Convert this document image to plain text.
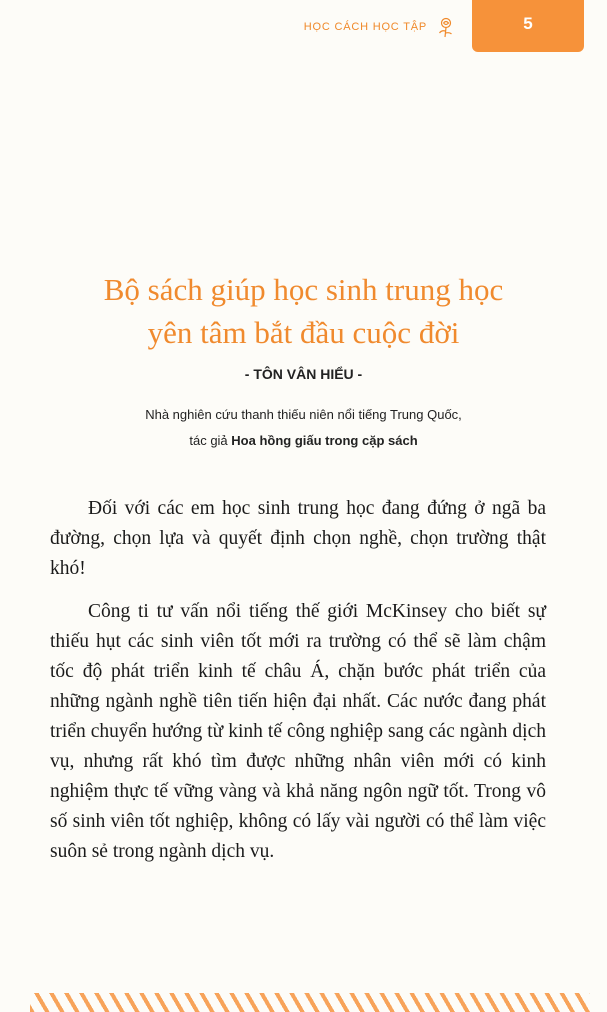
HỌC CÁCH HỌC TẬP	5
Bộ sách giúp học sinh trung học
yên tâm bắt đầu cuộc đời
- TÔN VÂN HIỂU -
Nhà nghiên cứu thanh thiếu niên nổi tiếng Trung Quốc,
tác giả Hoa hồng giấu trong cặp sách

Đối với các em học sinh trung học đang đứng ở ngã ba đường, chọn lựa và quyết định chọn nghề, chọn trường thật khó!

Công ti tư vấn nổi tiếng thế giới McKinsey cho biết sự thiếu hụt các sinh viên tốt mới ra trường có thể sẽ làm chậm tốc độ phát triển kinh tế châu Á, chặn bước phát triển của những ngành nghề tiên tiến hiện đại nhất. Các nước đang phát triển chuyển hướng từ kinh tế công nghiệp sang các ngành dịch vụ, nhưng rất khó tìm được những nhân viên mới có kinh nghiệm thực tế vững vàng và khả năng ngôn ngữ tốt. Trong vô số sinh viên tốt nghiệp, không có lấy vài người có thể làm việc suôn sẻ trong ngành dịch vụ.
